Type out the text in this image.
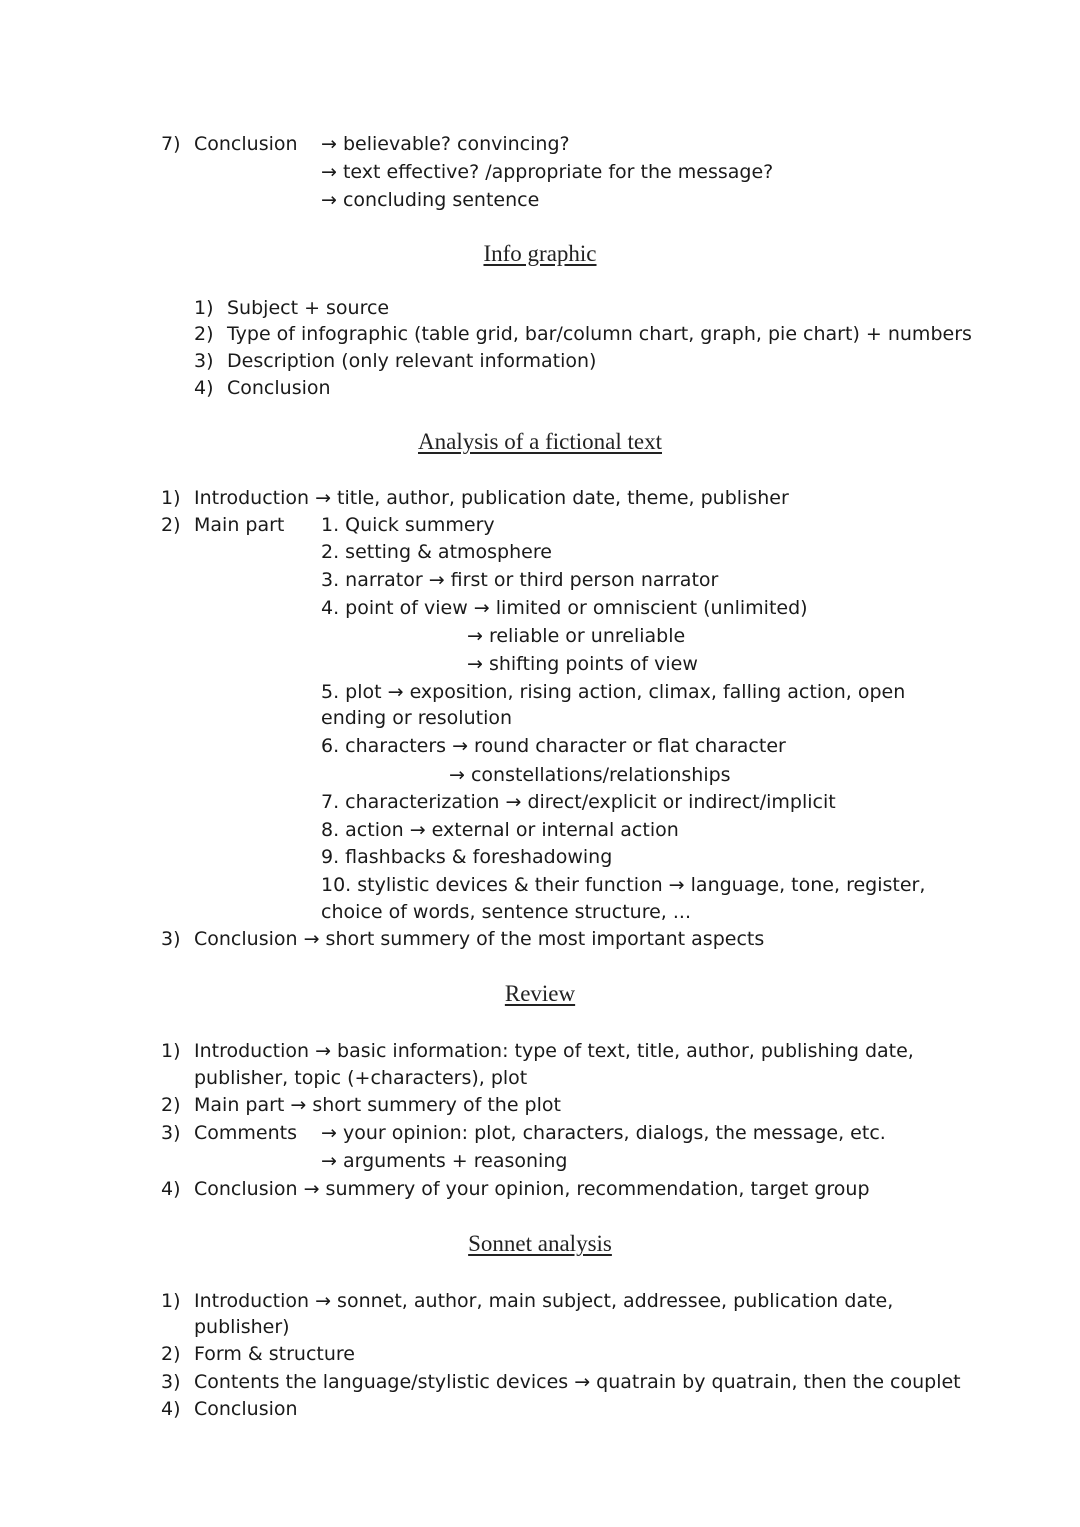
7) Conclusion → believable? convincing?
→ text effective? /appropriate for the message?
→ concluding sentence
Info graphic
1) Subject + source
2) Type of infographic (table grid, bar/column chart, graph, pie chart) + numbers
3) Description (only relevant information)
4) Conclusion
Analysis of a fictional text
1) Introduction → title, author, publication date, theme, publisher
2) Main part 1. Quick summery
2. setting & atmosphere
3. narrator → first or third person narrator
4. point of view → limited or omniscient (unlimited)
→ reliable or unreliable
→ shifting points of view
5. plot → exposition, rising action, climax, falling action, open
ending or resolution
6. characters → round character or flat character
→ constellations/relationships
7. characterization → direct/explicit or indirect/implicit
8. action → external or internal action
9. flashbacks & foreshadowing
10. stylistic devices & their function → language, tone, register,
choice of words, sentence structure, ...
3) Conclusion → short summery of the most important aspects
Review
1) Introduction → basic information: type of text, title, author, publishing date,
publisher, topic (+characters), plot
2) Main part → short summery of the plot
3) Comments → your opinion: plot, characters, dialogs, the message, etc.
→ arguments + reasoning
4) Conclusion → summery of your opinion, recommendation, target group
Sonnet analysis
1) Introduction → sonnet, author, main subject, addressee, publication date,
publisher)
2) Form & structure
3) Contents the language/stylistic devices → quatrain by quatrain, then the couplet
4) Conclusion
